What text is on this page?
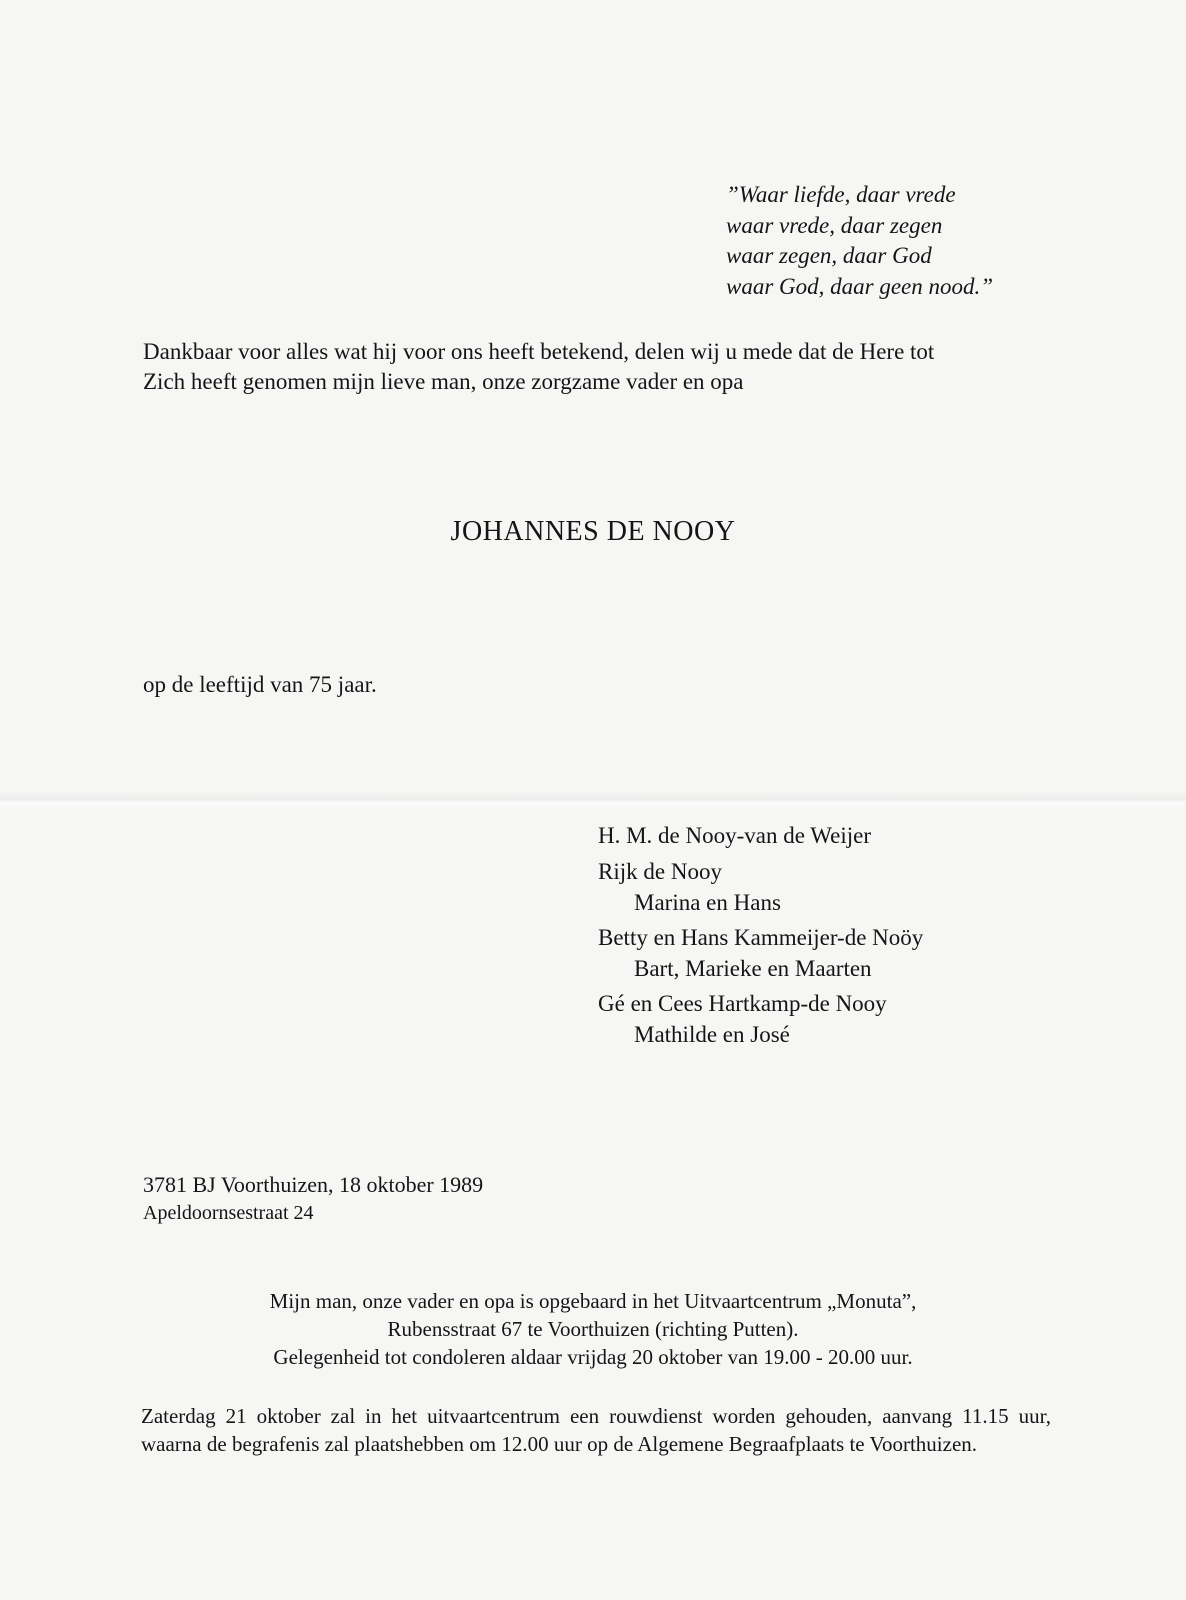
”Waar liefde, daar vrede
waar vrede, daar zegen
waar zegen, daar God
waar God, daar geen nood.”
Dankbaar voor alles wat hij voor ons heeft betekend, delen wij u mede dat de Here tot
Zich heeft genomen mijn lieve man, onze zorgzame vader en opa
JOHANNES DE NOOY
op de leeftijd van 75 jaar.
H. M. de Nooy-van de Weijer
Rijk de Nooy
Marina en Hans
Betty en Hans Kammeijer-de Noöy
Bart, Marieke en Maarten
Gé en Cees Hartkamp-de Nooy
Mathilde en José
3781 BJ Voorthuizen, 18 oktober 1989
Apeldoornsestraat 24
Mijn man, onze vader en opa is opgebaard in het Uitvaartcentrum „Monuta”,
Rubensstraat 67 te Voorthuizen (richting Putten).
Gelegenheid tot condoleren aldaar vrijdag 20 oktober van 19.00 - 20.00 uur.
Zaterdag 21 oktober zal in het uitvaartcentrum een rouwdienst worden gehouden, aanvang 11.15 uur, waarna de begrafenis zal plaatshebben om 12.00 uur op de Algemene Begraafplaats te Voorthuizen.
